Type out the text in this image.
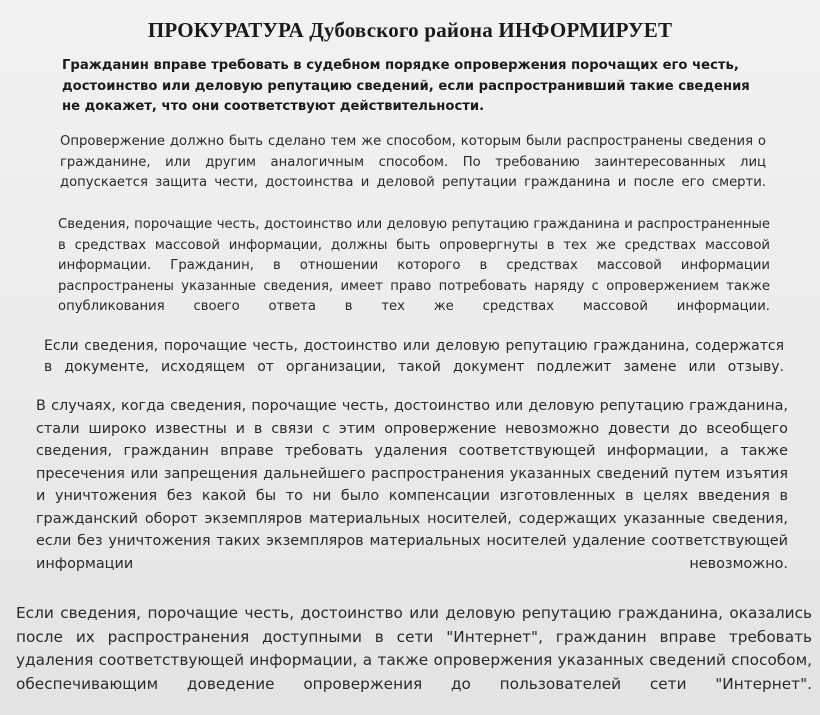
ПРОКУРАТУРА Дубовского района ИНФОРМИРУЕТ
Гражданин вправе требовать в судебном порядке опровержения порочащих его честь, достоинство или деловую репутацию сведений, если распространивший такие сведения не докажет, что они соответствуют действительности.
Опровержение должно быть сделано тем же способом, которым были распространены сведения о гражданине, или другим аналогичным способом. По требованию заинтересованных лиц допускается защита чести, достоинства и деловой репутации гражданина и после его смерти.
Сведения, порочащие честь, достоинство или деловую репутацию гражданина и распространенные в средствах массовой информации, должны быть опровергнуты в тех же средствах массовой информации. Гражданин, в отношении которого в средствах массовой информации распространены указанные сведения, имеет право потребовать наряду с опровержением также опубликования своего ответа в тех же средствах массовой информации.
Если сведения, порочащие честь, достоинство или деловую репутацию гражданина, содержатся в документе, исходящем от организации, такой документ подлежит замене или отзыву.
В случаях, когда сведения, порочащие честь, достоинство или деловую репутацию гражданина, стали широко известны и в связи с этим опровержение невозможно довести до всеобщего сведения, гражданин вправе требовать удаления соответствующей информации, а также пресечения или запрещения дальнейшего распространения указанных сведений путем изъятия и уничтожения без какой бы то ни было компенсации изготовленных в целях введения в гражданский оборот экземпляров материальных носителей, содержащих указанные сведения, если без уничтожения таких экземпляров материальных носителей удаление соответствующей информации невозможно.
Если сведения, порочащие честь, достоинство или деловую репутацию гражданина, оказались после их распространения доступными в сети "Интернет", гражданин вправе требовать удаления соответствующей информации, а также опровержения указанных сведений способом, обеспечивающим доведение опровержения до пользователей сети "Интернет".
